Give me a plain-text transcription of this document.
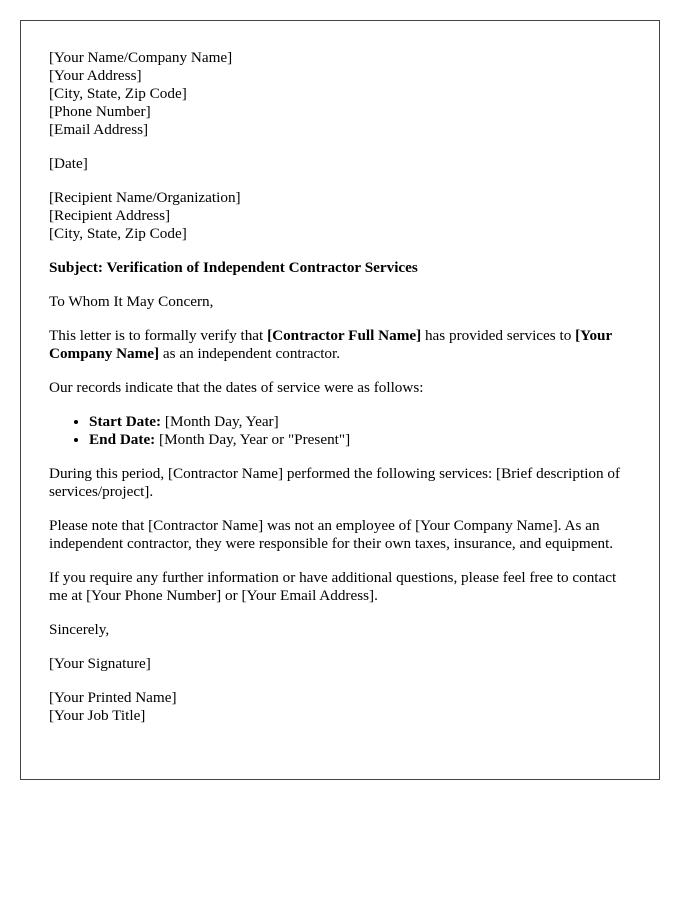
[Your Name/Company Name]
[Your Address]
[City, State, Zip Code]
[Phone Number]
[Email Address]
[Date]
[Recipient Name/Organization]
[Recipient Address]
[City, State, Zip Code]

Subject: Verification of Independent Contractor Services

To Whom It May Concern,

This letter is to formally verify that [Contractor Full Name] has provided services to [Your Company Name] as an independent contractor.

Our records indicate that the dates of service were as follows:

• Start Date: [Month Day, Year]
• End Date: [Month Day, Year or "Present"]

During this period, [Contractor Name] performed the following services: [Brief description of services/project].

Please note that [Contractor Name] was not an employee of [Your Company Name]. As an independent contractor, they were responsible for their own taxes, insurance, and equipment.

If you require any further information or have additional questions, please feel free to contact me at [Your Phone Number] or [Your Email Address].

Sincerely,

[Your Signature]

[Your Printed Name]
[Your Job Title]
